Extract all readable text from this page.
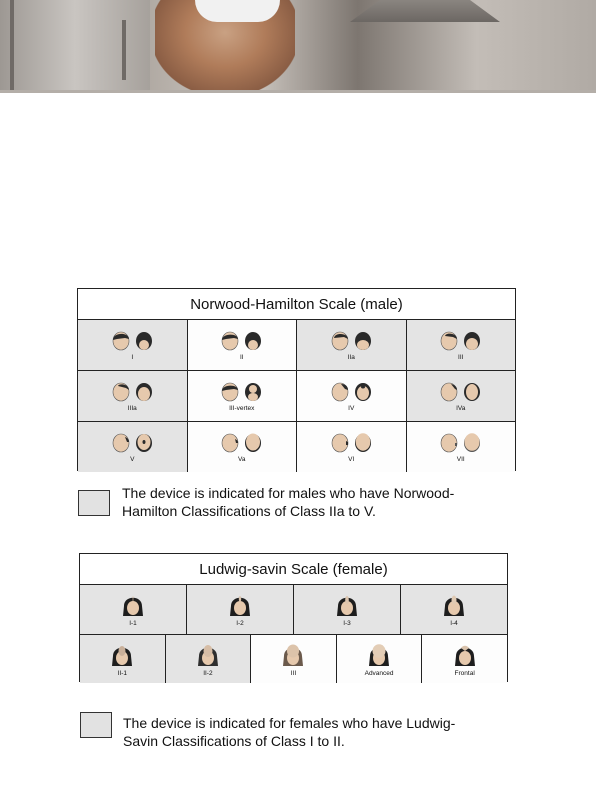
Norwood-Hamilton Scale (male)
I	II	IIa	III
IIIa	III-vertex	IV	IVa
V	Va	VI	VII
The device is indicated for males who have Norwood-Hamilton Classifications of Class IIa to V.
Ludwig-savin Scale (female)
I-1	I-2	I-3	I-4
II-1	II-2	III	Advanced	Frontal
The device is indicated for females who have Ludwig-Savin Classifications of Class I to II.
